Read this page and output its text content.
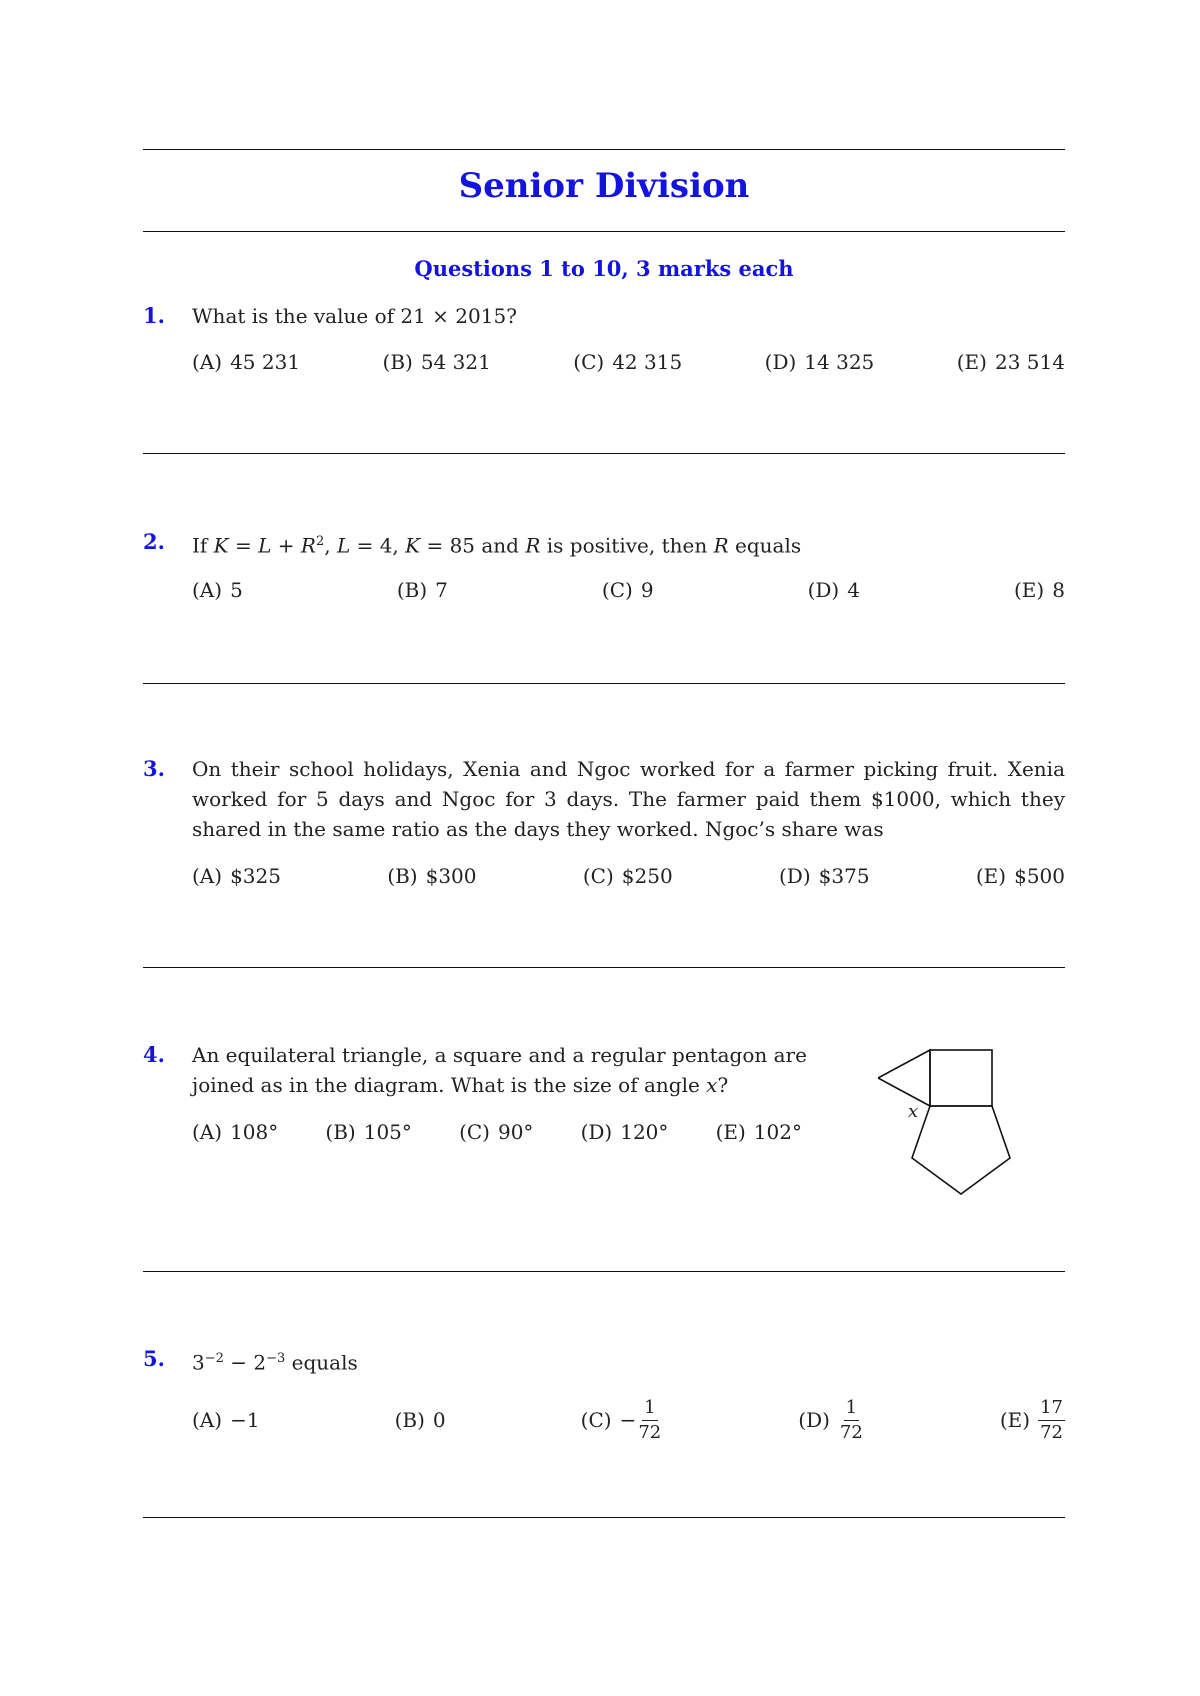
Senior Division
Questions 1 to 10, 3 marks each
1. What is the value of 21 × 2015?
(A) 45 231	(B) 54 321	(C) 42 315	(D) 14 325	(E) 23 514
2. If $K = L + R^2$, L = 4, K = 85 and R is positive, then R equals
(A) 5	(B) 7	(C) 9	(D) 4	(E) 8
3. On their school holidays, Xenia and Ngoc worked for a farmer picking fruit. Xenia
worked for 5 days and Ngoc for 3 days. The farmer paid them $1000, which they
shared in the same ratio as the days they worked. Ngoc’s share was
(A) $325	(B) $300	(C) $250	(D) $375	(E) $500
4. An equilateral triangle, a square and a regular pentagon are
joined as in the diagram. What is the size of angle x?
(A) 108° (B) 105° (C) 90° (D) 120° (E) 102°
x
5. $3^{-2} - 2^{-3}$ equals
(A) −1	(B) 0	$(C) - \frac{1}{72}$	$(D) \frac{1}{72}$	$(E) \frac{17}{72}$
